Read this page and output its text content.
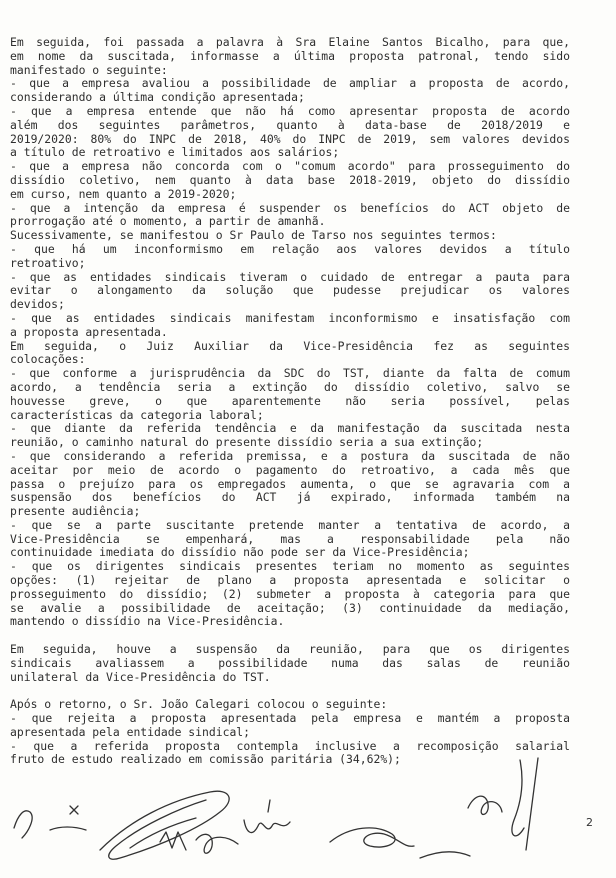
Em seguida, foi passada a palavra à Sra Elaine Santos Bicalho, para que,
em nome da suscitada, informasse a última proposta patronal, tendo sido
manifestado o seguinte:
- que a empresa avaliou a possibilidade de ampliar a proposta de acordo,
considerando a última condição apresentada;
- que a empresa entende que não há como apresentar proposta de acordo
além dos seguintes parâmetros, quanto à data-base de 2018/2019 e
2019/2020: 80% do INPC de 2018, 40% do INPC de 2019, sem valores devidos
a título de retroativo e limitados aos salários;
- que a empresa não concorda com o "comum acordo" para prosseguimento do
dissídio coletivo, nem quanto à data base 2018-2019, objeto do dissídio
em curso, nem quanto a 2019-2020;
- que a intenção da empresa é suspender os benefícios do ACT objeto de
prorrogação até o momento, a partir de amanhã.
Sucessivamente, se manifestou o Sr Paulo de Tarso nos seguintes termos:
- que há um inconformismo em relação aos valores devidos a título
retroativo;
- que as entidades sindicais tiveram o cuidado de entregar a pauta para
evitar o alongamento da solução que pudesse prejudicar os valores
devidos;
- que as entidades sindicais manifestam inconformismo e insatisfação com
a proposta apresentada.
Em seguida, o Juiz Auxiliar da Vice-Presidência fez as seguintes
colocações:
- que conforme a jurisprudência da SDC do TST, diante da falta de comum
acordo, a tendência seria a extinção do dissídio coletivo, salvo se
houvesse greve, o que aparentemente não seria possível, pelas
características da categoria laboral;
- que diante da referida tendência e da manifestação da suscitada nesta
reunião, o caminho natural do presente dissídio seria a sua extinção;
- que considerando a referida premissa, e a postura da suscitada de não
aceitar por meio de acordo o pagamento do retroativo, a cada mês que
passa o prejuízo para os empregados aumenta, o que se agravaria com a
suspensão dos benefícios do ACT já expirado, informada também na
presente audiência;
- que se a parte suscitante pretende manter a tentativa de acordo, a
Vice-Presidência se empenhará, mas a responsabilidade pela não
continuidade imediata do dissídio não pode ser da Vice-Presidência;
- que os dirigentes sindicais presentes teriam no momento as seguintes
opções: (1) rejeitar de plano a proposta apresentada e solicitar o
prosseguimento do dissídio; (2) submeter a proposta à categoria para que
se avalie a possibilidade de aceitação; (3) continuidade da mediação,
mantendo o dissídio na Vice-Presidência.
Em seguida, houve a suspensão da reunião, para que os dirigentes
sindicais avaliassem a possibilidade numa das salas de reunião
unilateral da Vice-Presidência do TST.
Após o retorno, o Sr. João Calegari colocou o seguinte:
- que rejeita a proposta apresentada pela empresa e mantém a proposta
apresentada pela entidade sindical;
- que a referida proposta contempla inclusive a recomposição salarial
fruto de estudo realizado em comissão paritária (34,62%);
2
